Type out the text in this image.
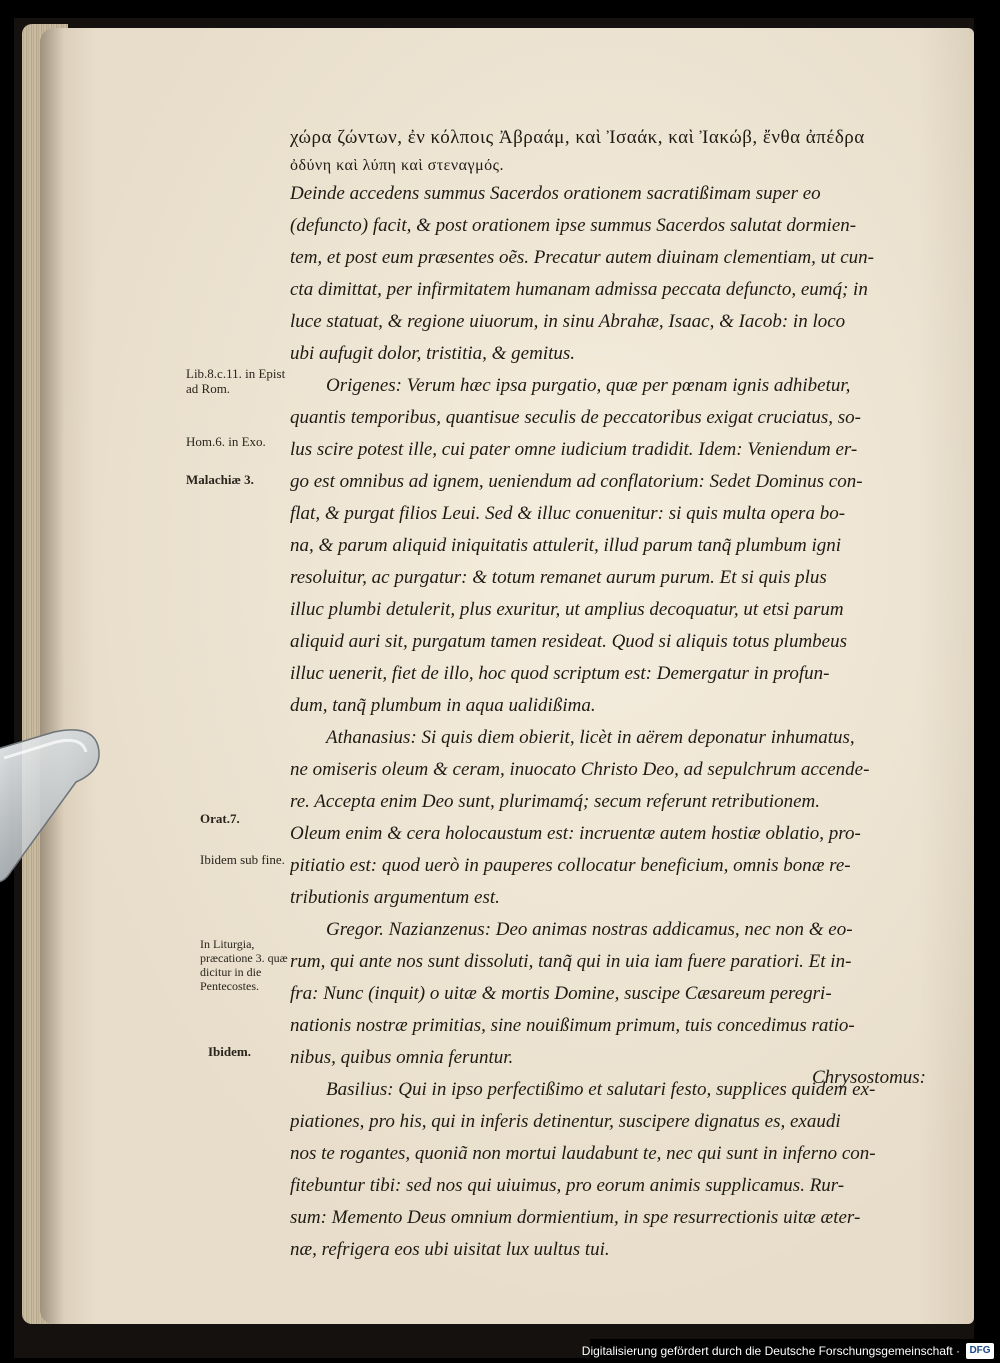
Lib.8.c.11. in Epist ad Rom.
Hom.6. in Exo.
Malachiæ 3.
Orat.7.
Ibidem sub fine.
In Liturgia, præcatione 3. quæ dicitur in die Pentecostes.
Ibidem.
χώρα ζώντων, ἐν κόλποις Ἀβραάμ, καὶ Ἰσαάκ, καὶ Ἰακώβ, ἔνθα ἀπέδρα
ὀδύνη καὶ λύπη καὶ στεναγμός.
Deinde accedens summus Sacerdos orationem sacratißimam super eo
(defuncto) facit, & post orationem ipse summus Sacerdos salutat dormien-
tem, et post eum præsentes oẽs. Precatur autem diuinam clementiam, ut cun-
cta dimittat, per infirmitatem humanam admissa peccata defuncto, eumq́; in
luce statuat, & regione uiuorum, in sinu Abrahæ, Isaac, & Iacob: in loco
ubi aufugit dolor, tristitia, & gemitus.
Origenes: Verum hæc ipsa purgatio, quæ per pœnam ignis adhibetur,
quantis temporibus, quantisue seculis de peccatoribus exigat cruciatus, so-
lus scire potest ille, cui pater omne iudicium tradidit. Idem: Veniendum er-
go est omnibus ad ignem, ueniendum ad conflatorium: Sedet Dominus con-
flat, & purgat filios Leui. Sed & illuc conuenitur: si quis multa opera bo-
na, & parum aliquid iniquitatis attulerit, illud parum tanq̃ plumbum igni
resoluitur, ac purgatur: & totum remanet aurum purum. Et si quis plus
illuc plumbi detulerit, plus exuritur, ut amplius decoquatur, ut etsi parum
aliquid auri sit, purgatum tamen resideat. Quod si aliquis totus plumbeus
illuc uenerit, fiet de illo, hoc quod scriptum est: Demergatur in profun-
dum, tanq̃ plumbum in aqua ualidißima.
Athanasius: Si quis diem obierit, licèt in aërem deponatur inhumatus,
ne omiseris oleum & ceram, inuocato Christo Deo, ad sepulchrum accende-
re. Accepta enim Deo sunt, plurimamq́; secum referunt retributionem.
Oleum enim & cera holocaustum est: incruentæ autem hostiæ oblatio, pro-
pitiatio est: quod uerò in pauperes collocatur beneficium, omnis bonæ re-
tributionis argumentum est.
Gregor. Nazianzenus: Deo animas nostras addicamus, nec non & eo-
rum, qui ante nos sunt dissoluti, tanq̃ qui in uia iam fuere paratiori. Et in-
fra: Nunc (inquit) o uitæ & mortis Domine, suscipe Cæsareum peregri-
nationis nostræ primitias, sine nouißimum primum, tuis concedimus ratio-
nibus, quibus omnia feruntur.
Basilius: Qui in ipso perfectißimo et salutari festo, supplices quidem ex-
piationes, pro his, qui in inferis detinentur, suscipere dignatus es, exaudi
nos te rogantes, quoniã non mortui laudabunt te, nec qui sunt in inferno con-
fitebuntur tibi: sed nos qui uiuimus, pro eorum animis supplicamus. Rur-
sum: Memento Deus omnium dormientium, in spe resurrectionis uitæ æter-
næ, refrigera eos ubi uisitat lux uultus tui.
Chrysostomus:
Digitalisierung gefördert durch die Deutsche Forschungsgemeinschaft · DFG
